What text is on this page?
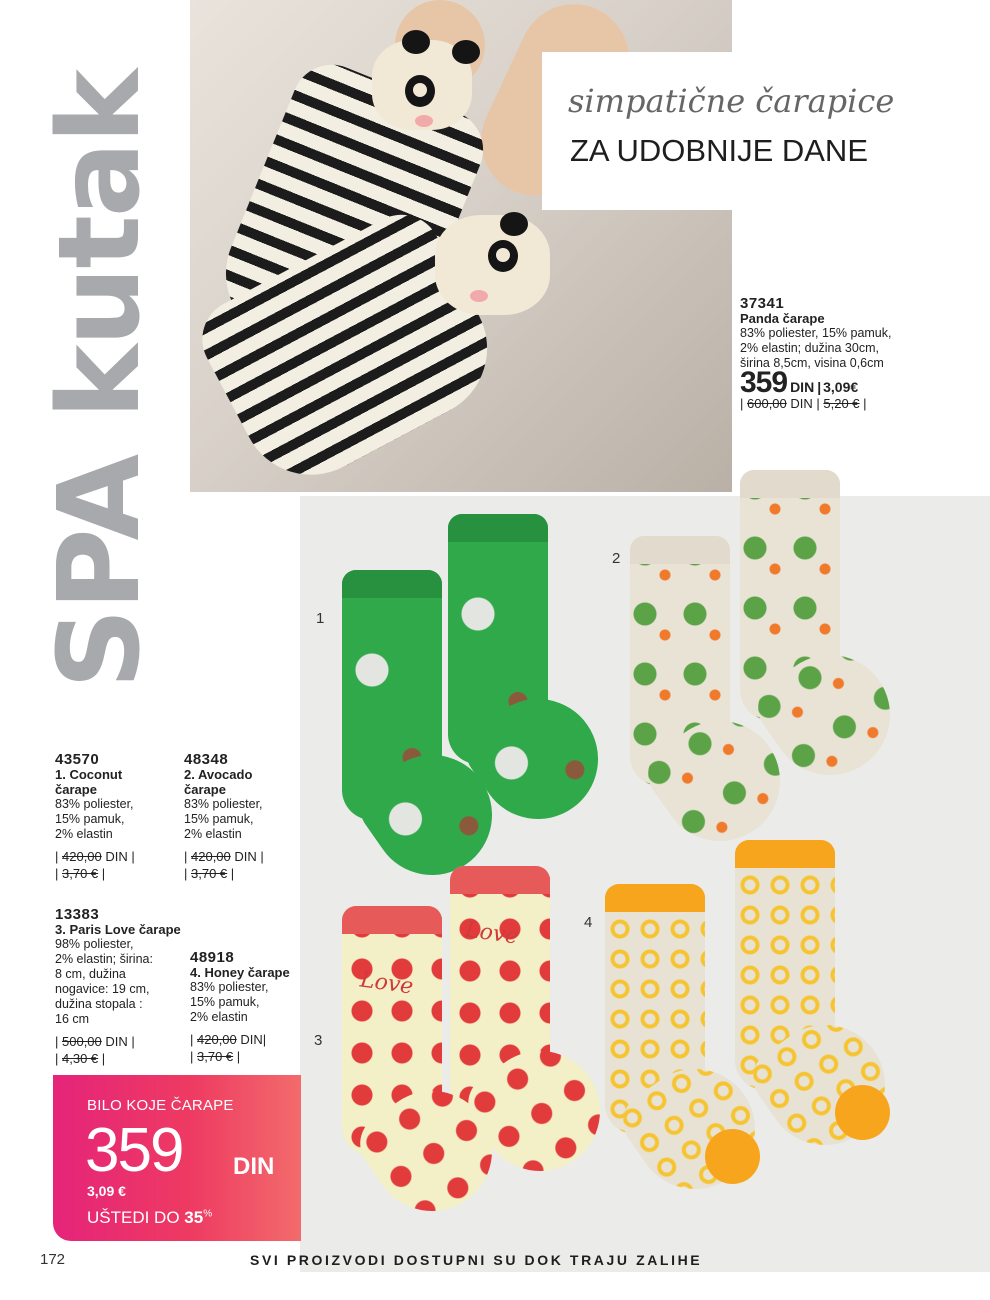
SPA kutak	simpatične čarapice
ZA UDOBNIJE DANE
37341
Panda čarape
83% poliester, 15% pamuk,
2% elastin; dužina 30cm,
širina 8,5cm, visina 0,6cm
359 DIN | 3,09€
| 600,00 DIN | 5,20 € |
1
2
3
4
Love
Love
43570
1. Coconut
čarape
83% poliester,
15% pamuk,
2% elastin
| 420,00 DIN |
| 3,70 € |
48348
2. Avocado
čarape
83% poliester,
15% pamuk,
2% elastin
| 420,00 DIN |
| 3,70 € |
13383
3. Paris Love čarape
98% poliester,
2% elastin; širina:
8 cm, dužina
nogavice: 19 cm,
dužina stopala :
16 cm
| 500,00 DIN |
| 4,30 € |
48918
4. Honey čarape
83% poliester,
15% pamuk,
2% elastin
| 420,00 DIN|
| 3,70 € |
BILO KOJE ČARAPE
359 DIN
3,09 €
UŠTEDI DO 35%
172	SVI PROIZVODI DOSTUPNI SU DOK TRAJU ZALIHE
